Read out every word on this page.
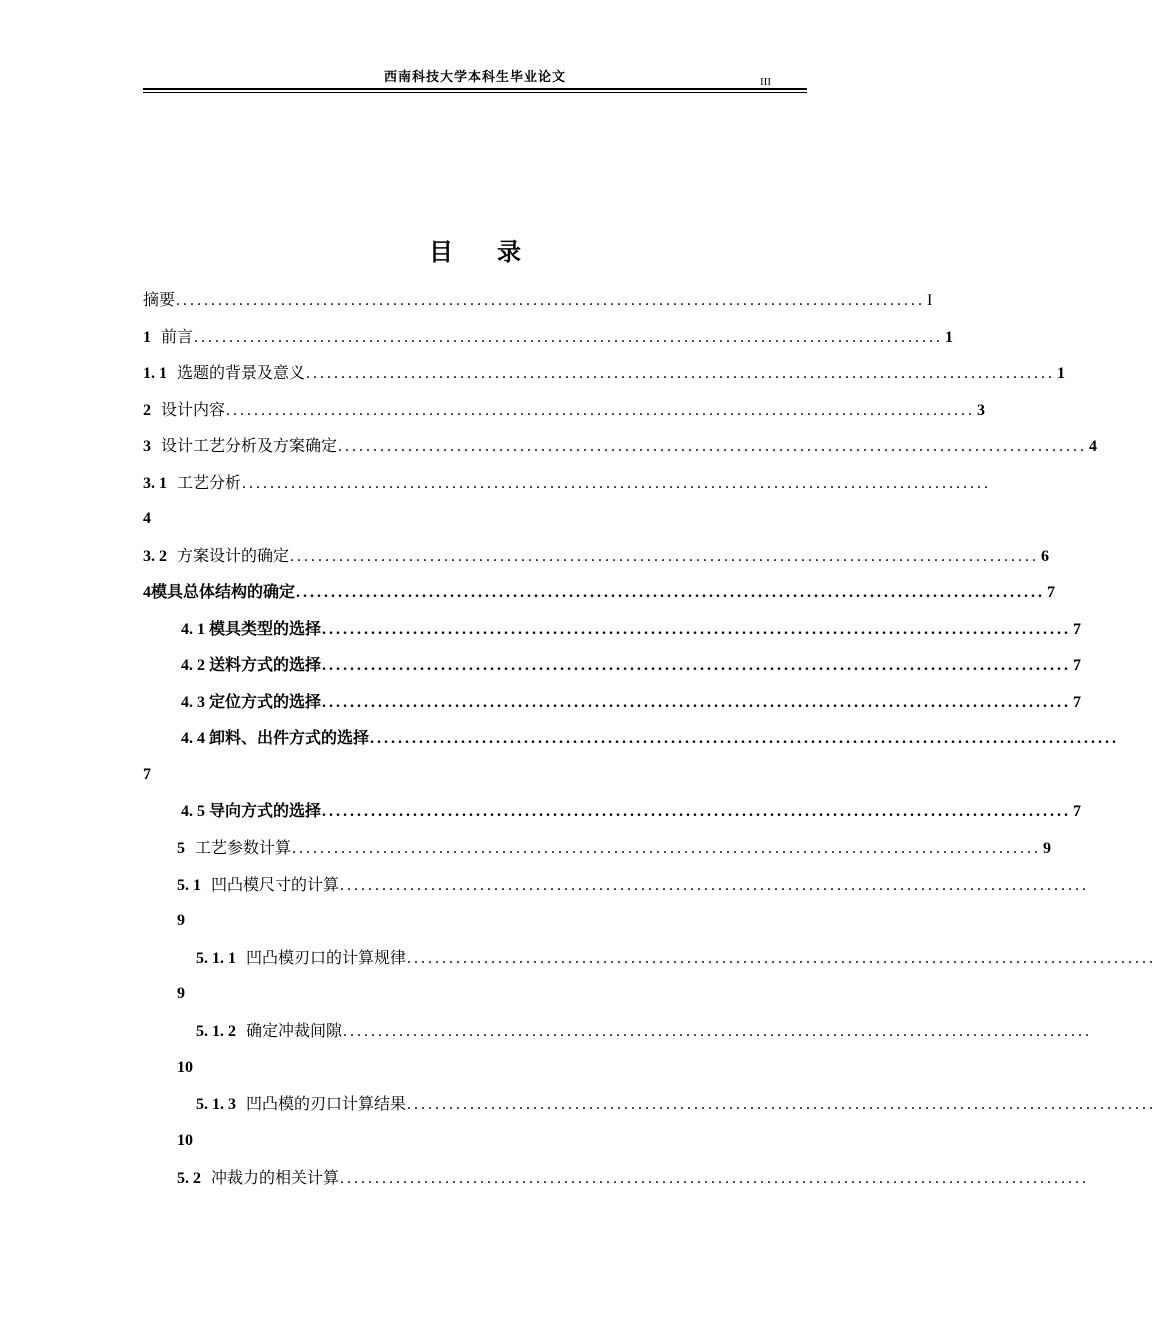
西南科技大学本科生毕业论文	III
目录
摘要 ........................................................................................................... I
1 前言 ........................................................................................................... 1
1. 1 选题的背景及意义 ........................................................................................................... 1
2 设计内容 ........................................................................................................... 3
3 设计工艺分析及方案确定 ........................................................................................................... 4
3. 1 工艺分析 ...........................................................................................................
4
3. 2 方案设计的确定 ........................................................................................................... 6
4 模具总体结构的确定 ........................................................................................................... 7
4. 1 模具类型的选择 ........................................................................................................... 7
4. 2 送料方式的选择 ........................................................................................................... 7
4. 3 定位方式的选择 ........................................................................................................... 7
4. 4 卸料、出件方式的选择 ...........................................................................................................
7
4. 5 导向方式的选择 ........................................................................................................... 7
5 工艺参数计算 ........................................................................................................... 9
5. 1 凹凸模尺寸的计算 ...........................................................................................................
9
5. 1. 1 凹凸模刃口的计算规律 ...........................................................................................................
9
5. 1. 2 确定冲裁间隙 ...........................................................................................................
10
5. 1. 3 凹凸模的刃口计算结果 ...........................................................................................................
10
5. 2 冲裁力的相关计算 ...........................................................................................................
